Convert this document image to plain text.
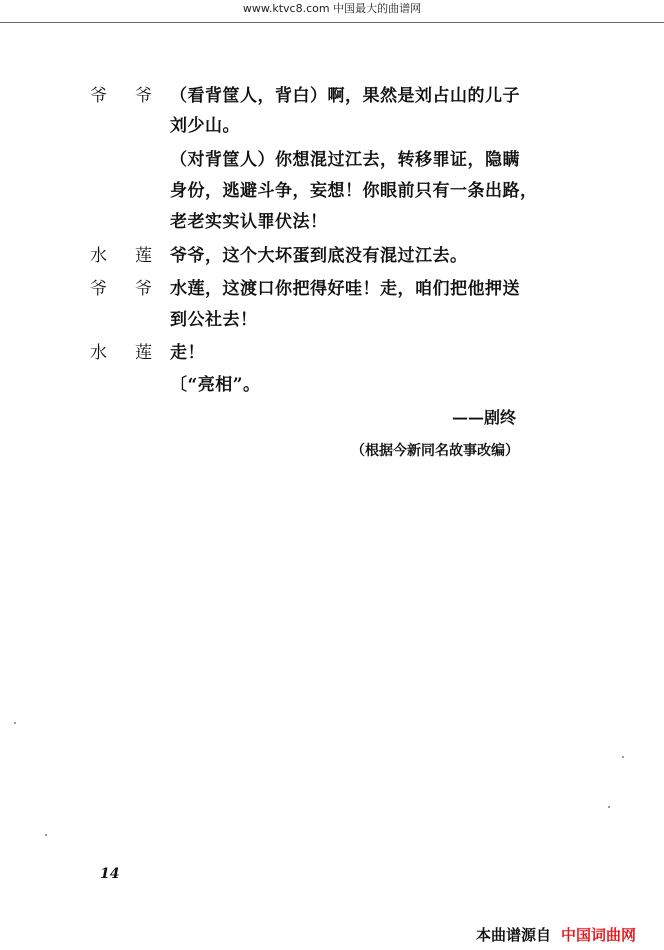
www.ktvc8.com 中国最大的曲谱网
爷 爷 （看背筐人，背白）啊，果然是刘占山的儿子
刘少山。
（对背筐人）你想混过江去，转移罪证，隐瞒
身份，逃避斗争，妄想！你眼前只有一条出路，
老老实实认罪伏法！
水 莲 爷爷，这个大坏蛋到底没有混过江去。
爷 爷 水莲，这渡口你把得好哇！走，咱们把他押送
到公社去！
水 莲 走！
〔“亮相”。
——剧终
（根据今新同名故事改编）
14
本曲谱源自 中国词曲网
